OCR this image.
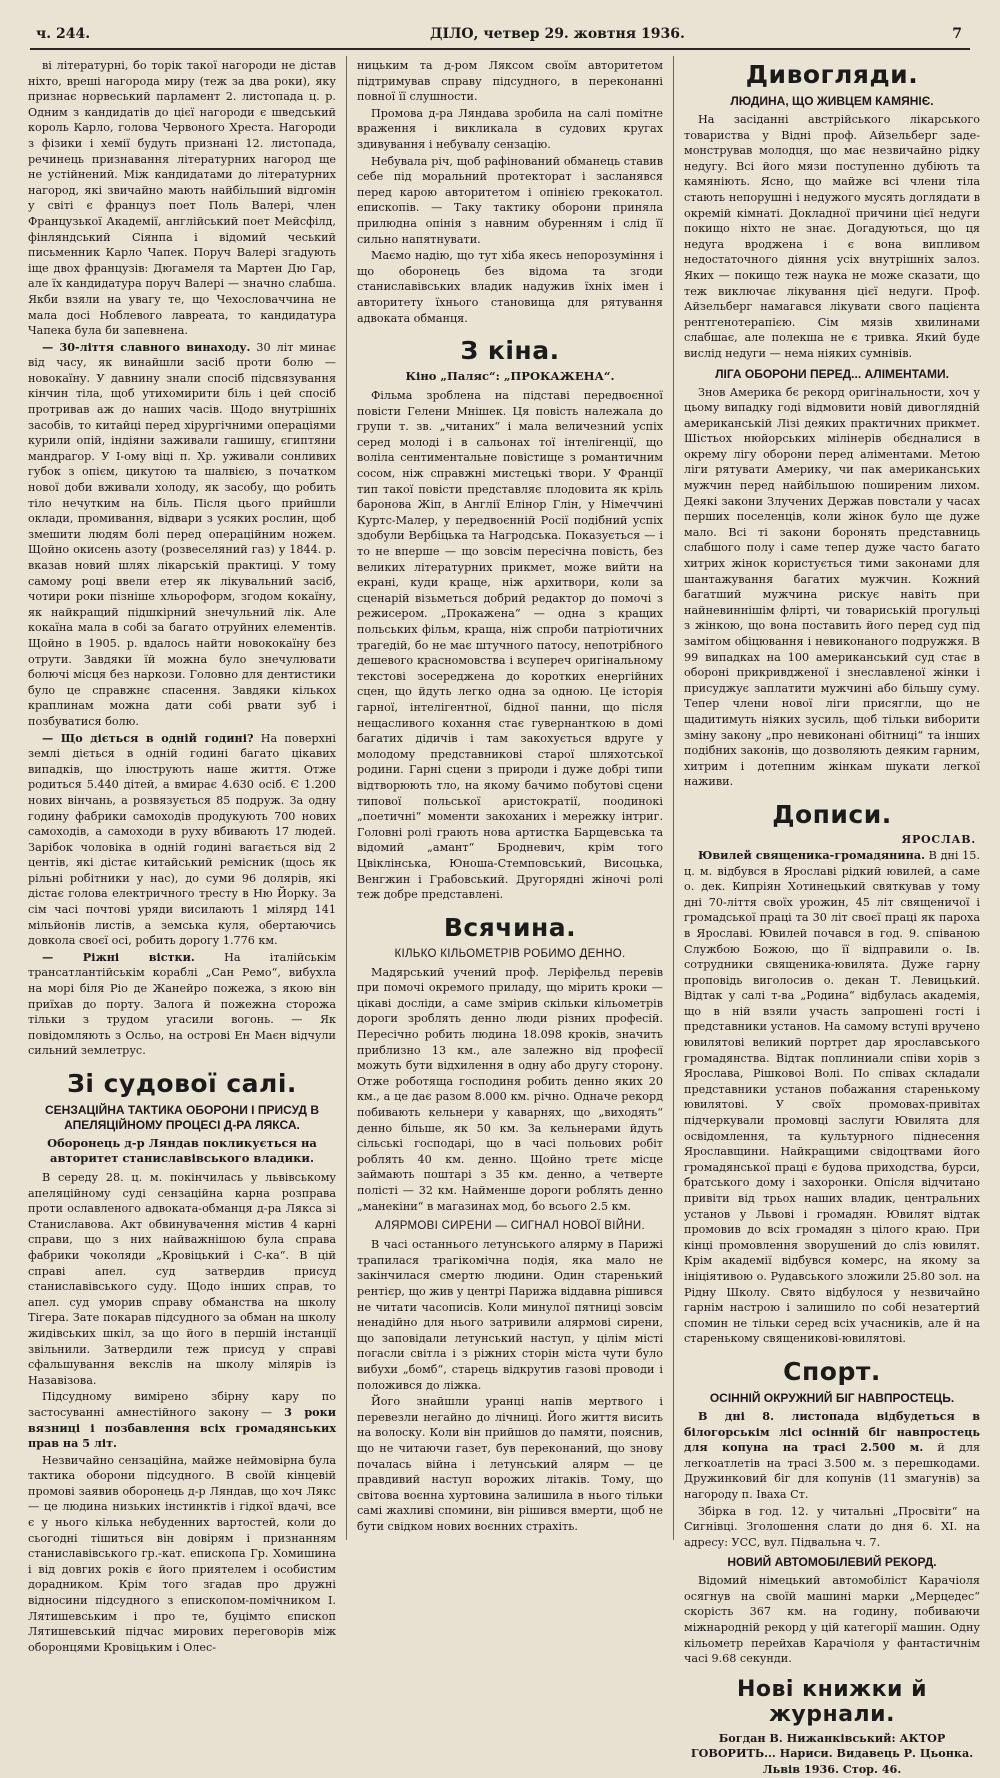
ч. 244.	ДІЛО, четвер 29. жовтня 1936.	7

ві літературні, бо торік такої нагороди не дістав ніхто, вреші нагорода миру (теж за два роки), яку признає норвеський парламент 2. листопада ц. р. Одним з кандидатів до цієї нагороди є шведський король Карло, голова Червоного Хреста. Нагороди з фізики і хемії будуть признані 12. листопада, речинець признавання літературних нагород ще не устійнений. Між кандидатами до літературних нагород, які звичайно мають найбільший відгомін у світі є француз поет Поль Валері, член Французької Академії, англійський поет Мейсфілд, фінляндський Сіянпа і відомий чеський письменник Карло Чапек. Поруч Валері згадують іще двох французів: Дюгамеля та Мартен Дю Гар, але їх кандидатура поруч Валері — значно слабша. Якби взяли на увагу те, що Чехословаччина не мала досі Ноблевого лавреата, то кандидатура Чапека була би запевнена.

— 30-ліття славного винаходу. 30 літ минає від часу, як винайшли засіб проти болю — новокаїну. У давнину знали спосіб підсвязування кінчин тіла, щоб утихомирити біль і цей спосіб протривав аж до наших часів. Щодо внутрішніх засобів, то китайці перед хірургічними операціями курили опій, індіяни заживали гашишу, єгиптяни мандрагор. У І-ому віці п. Хр. уживали сонливих губок з опієм, цикутою та шалвією, з початком нової доби вживали холоду, як засобу, що робить тіло нечутким на біль. Після цього прийшли оклади, промивання, відвари з усяких рослин, щоб змешити людям болі перед операційним ножем. Щойно окисень азоту (розвеселяний газ) у 1844. р. вказав новий шлях лікарській практиці. У тому самому році ввели етер як лікувальний засіб, чотири роки пізніше хльороформ, згодом кокаїну, як найкращий підшкірний знечульний лік. Але кокаїна мала в собі за багато отруйних елементів. Щойно в 1905. р. вдалось найти новококаїну без отрути. Завдяки їй можна було знечулювати болючі місця без наркози. Головно для дентистики було це справжнє спасення. Завдяки кількох краплинам можна дати собі рвати зуб і позбуватися болю.

— Що діється в одній годині? На поверхні землі діється в одній годині багато цікавих випадків, що ілюструють наше життя. Отже родиться 5.440 дітей, а вмирає 4.630 осіб. Є 1.200 нових вінчань, а розвязується 85 подруж. За одну годину фабрики самоходів продукують 700 нових самоходів, а самоходи в руху вбивають 17 людей. Зарібок чоловіка в одній годині вагається від 2 центів, які дістає китайський ремісник (щось як рільні робітники у нас), до суми 96 долярів, які дістає голова електричного тресту в Ню Йорку. За сім часі почтові уряди висилають 1 мілярд 141 мільйонів листів, а земська куля, обертаючись довкола своєї осі, робить дорогу 1.776 км.

— Ріжні вістки.	На італійськім трансатлантійськім кораблі „Сан Ремо“, вибухла на морі біля Ріо де Жанейро пожежа, з якою він приїхав до порту. Залога й пожежна сторожа тільки з трудом угасили вогонь. — Як повідомляють з Осльо, на острові Ен Маєн відчули сильний землетрус.

Зі судової салі.
СЕНЗАЦІЙНА ТАКТИКА ОБОРОНИ І ПРИСУД В АПЕЛЯЦІЙНОМУ ПРОЦЕСІ Д-РА ЛЯКСА.
Оборонець д-р Ляндав покликується на авторитет станиславівського владики.

В середу 28. ц. м. покінчилась у львівському апеляційному суді сензаційна карна розправа проти ославленого адвоката-обманця д-ра Лякса зі Станиславова. Акт обвинувачення містив 4 карні справи, що з них найважнішою була справа фабрики чоколяди „Кровіцький і С-ка“. В цій справі апел. суд затвердив присуд станиславівського суду. Щодо інших справ, то апел. суд уморив справу обманства на школу Тігера. Зате покарав підсудного за обман на школу жидівських шкіл, за що його в першій інстанції звільнили. Затвердили теж присуд у справі сфальшування векслів на школу мілярів із Назавізова.

Підсудному вимірено збірну кару по застосуванні амнестійного закону — 3 роки вязниці і позбавлення всіх громадянських прав на 5 літ.

Незвичайно сензаційна, майже неймовірна була тактика оборони підсудного. В своїй кінцевій промові заявив оборонець д-р Ляндав, що хоч Лякс — це людина низьких інстинктів і гідкої вдачі, все є у нього кілька небуденних вартостей, коли до сьогодні тішиться він довірям і признанням станиславівського гр.-кат. епископа Гр. Хомишина і від довгих років є його приятелем і особистим дорадником. Крім того згадав про дружні відносини підсудного з епископом-помічником І. Лятишевським і про те, буцімто єпископ Лятишевський підчас мирових переговорів між оборонцями Кровіцьким і Олес-

ницьким та д-ром Ляксом своїм авторитетом підтримував справу підсудного, в переконанні повної її слушности.

Промова д-ра Ляндава зробила на салі помітне враження і викликала в судових кругах здивування і небувалу сензацію.

Небувала річ, щоб рафінований обманець ставив себе під моральний протекторат і засланявся перед карою авторитетом і опінією грекокатол. епископів. — Таку тактику оборони приняла прилюдна опінія з навним обуренням і слід її сильно напятнувати.

Маємо надію, що тут хіба якесь непорозуміння і що оборонець без відома та згоди станиславівських владик надужив їхніх імен і авторитету їхнього становища для рятування адвоката обманця.

З кіна.
Кіно „Паляс“: „ПРОКАЖЕНА“.

Фільма зроблена на підставі передвоєнної повісти Гелени Мнішек. Ця повість належала до групи т. зв. „читаних“ і мала величезний успіх серед молоді і в сальонах тої інтелігенції, що воліла сентиментальне повістище з романтичним сосом, ніж справжні мистецькі твори. У Франції тип такої повісти представляє плодовита як кріль баронова Жіп, в Англії Елінор Глін, у Німеччині Куртс-Малер, у передвоєнній Росії подібний успіх здобули Вербіцька та Нагродська. Показується — і то не вперше — що зовсім пересічна повість, без великих літературних прикмет, може вийти на екрані, куди краще, ніж архитвори, коли за сценарій візьметься добрий редактор до помочі з режисером. „Прокажена“ — одна з кращих польських фільм, краща, ніж спроби патріотичних трагедій, бо не має штучного патосу, непотрібного дешевого красномовства і всупереч оригінальному текстові зосереджена до коротких енергійних сцен, що йдуть легко одна за одною. Це історія гарної, інтелігентної, бідної панни, що після нещасливого кохання стає гувернанткою в домі багатих дідичів і там закохується вдруге у молодому представникові старої шляхотської родини. Гарні сцени з природи і дуже добрі типи відтворюють тло, на якому бачимо побутові сцени типової польської аристократії, поодинокі „поетичні“ моменти закоханих і мережку інтриг. Головні ролі грають нова артистка Барщевська та відомий „амант“ Бродневич, крім того Цвіклінська, Юноша-Стемповський, Висоцька, Венгжин і Грабовський. Другорядні жіночі ролі теж добре представлені.

Всячина.
КІЛЬКО КІЛЬОМЕТРІВ РОБИМО ДЕННО.

Мадярський учений проф. Леріфельд перевів при помочі окремого приладу, що мірить кроки — цікаві досліди, а саме змірив скільки кільометрів дороги зроблять денно люди різних професій. Пересічно робить людина 18.098 кроків, значить приблизно 13 км., але залежно від професії можуть бути відхилення в одну або другу сторону. Отже роботяща господиня робить денно яких 20 км., а це дає разом 8.000 км. річно. Одначе рекорд побивають кельнери у каварнях, що „виходять“ денно більше, як 50 км. За кельнерами йдуть сільські господарі, що в часі польових робіт роблять 40 км. денно. Щойно третє місце займають поштарі з 35 км. денно, а четверте полісті — 32 км. Найменше дороги роблять денно „манекіни“ в магазинах мод, бо всього 2.5 км.

АЛЯРМОВІ СИРЕНИ — СИГНАЛ НОВОЇ ВІЙНИ.

В часі останнього летунського алярму в Парижі трапилася трагікомічна подія, яка мало не закінчилася смертю людини. Один старенький рентієр, що жив у центрі Парижа віддавна рішився не читати часописів. Коли минулої пятниці зовсім ненадійно для нього затривили алярмові сирени, що заповідали летунський наступ, у цілім місті погасли світла і з ріжних сторін міста чути було вибухи „бомб“, старець відкрутив газові проводи і положився до ліжка.

Його знайшли уранці напів мертвого і перевезли негайно до лічниці. Його життя висить на волоску. Коли він прийшов до памяти, пояснив, що не читаючи газет, був переконаний, що знову почалась війна і летунський алярм — це правдивий наступ ворожих літаків. Тому, що світова воєнна хуртовина залишила в нього тільки самі жахливі спомини, він рішився вмерти, щоб не бути свідком нових воєнних страхіть.

Дивогляди.
ЛЮДИНА, ЩО ЖИВЦЕМ КАМЯНІЄ.

На засіданні австрійського лікарського товариства у Відні проф. Айзельберг задемонстрував молодця, що має незвичайно рідку недугу. Всі його мязи поступенно дубіють та камяніють. Ясно, що майже всі члени тіла стають непорушні і недужого мусять доглядати в окремій кімнаті. Докладної причини цієї недуги покищо ніхто не знає. Догадуються, що ця недуга вроджена і є вона випливом недостаточного діяння усіх внутрішніх залоз. Яких — покищо теж наука не може сказати, що теж виключає лікування цієї недуги. Проф. Айзельберг намагався лікувати свого пацієнта рентгенотерапією. Сім мязів хвилинами слабшає, але полекша не є тривка. Який буде вислід недуги — нема ніяких сумнівів.

ЛІГА ОБОРОНИ ПЕРЕД... АЛІМЕНТАМИ.

Знов Америка бє рекорд оригінальности, хоч у цьому випадку годі відмовити новій дивоглядній американській Лізі деяких практичних прикмет. Шістьох нюйорських мілінерів обєдналися в окрему лігу оборони перед аліментами. Метою ліги рятувати Америку, чи пак американських мужчин перед найбільшою поширеним лихом. Деякі закони Злучених Держав повстали у часах перших поселенців, коли жінок було ще дуже мало. Всі ті закони боронять представниць слабшого полу і саме тепер дуже часто багато хитрих жінок користується тими законами для шантажування багатих мужчин. Кожний багатший мужчина рискує навіть при найневиннішім флірті, чи товариській прогульці з жінкою, що вона поставить його перед суд під замітом обіцювання і невиконаного подружжя. В 99 випадках на 100 американський суд стає в обороні прикривдженої і знеславленої жінки і присуджує заплатити мужчині або більшу суму. Тепер члени нової ліги присягли, що не щадитимуть ніяких зусиль, щоб тільки виборити зміну закону „про невиконані обітниці“ та інших подібних законів, що дозволяють деяким гарним, хитрим і дотепним жінкам шукати легкої наживи.

Дописи.
ЯРОСЛАВ.

Ювилей священика-громадянина. В дні 15. ц. м. відбувся в Ярославі рідкий ювилей, а саме о. дек. Кипріян Хотинецький святкував у тому дні 70-ліття своїх урожин, 45 літ священичої і громадської праці та 30 літ своєї праці як пароха в Ярославі. Ювилей почався в год. 9. співаною Службою Божою, що її відправили о. Ів. сотрудники священика-ювилята. Дуже гарну проповідь виголосив о. декан Т. Левицький. Відтак у салі т-ва „Родина“ відбулась академія, що в ній взяли участь запрошені гості і представники установ. На самому вступі вручено ювилятові великий портрет дар ярославського громадянства. Відтак поплиниали співи хорів з Ярослава, Рішковоі Волі. По співах складали представники установ побажання старенькому ювилятові. У своїх промовах-привітах підчеркували промовці заслуги Ювилята для освідомлення, та культурного піднесення Ярославщини. Найкращими свідоцтвами його громадянської праці є будова приходства, бурси, братського дому і захоронки. Опісля відчитано привіти від трьох наших владик, центральних установ у Львові і громадян. Ювилят відтак промовив до всіх громадян з цілого краю. При кінці промовлення зворушений до сліз ювилят. Крім академії відбувся комерс, на якому за ініціятивою о. Рудавського зложили 25.80 зол. на Рідну Школу. Свято відбулося у незвичайно гарнім настрою і залишило по собі незатертий спомин не тільки серед всіх учасників, але й на старенькому священикові-ювилятові.

Спорт.
ОСІННІЙ ОКРУЖНИЙ БІГ НАВПРОСТЕЦЬ.

В дні 8. листопада відбудеться в білогорськім лісі осінній біг навпростець для копуна на трасі 2.500 м. й для легкоатлетів на трасі 3.500 м. з перешкодами. Дружинковий біг для копунів (11 змагунів) за нагороду п. Іваха Ст.

Збірка в год. 12. у читальні „Просвіти“ на Сигнівці. Зголошення слати до дня 6. XI. на адресу: УСС, вул. Підвальна ч. 7.

НОВИЙ АВТОМОБІЛЕВИЙ РЕКОРД.

Відомий німецький автомобіліст Карачіоля осягнув на своїй машині марки „Мерцедес“ скорість 367 км. на годину, побиваючи міжнародній рекорд у цій категорії машин. Одну кільометр перейхав Карачіоля у фантастичнім часі 9.68 секунди.

Нові книжки й журнали.

Богдан В. Нижанківський: АКТОР ГОВОРИТЬ... Нариси. Видавець Р. Цьонка. Львів 1936. Стор. 46.
